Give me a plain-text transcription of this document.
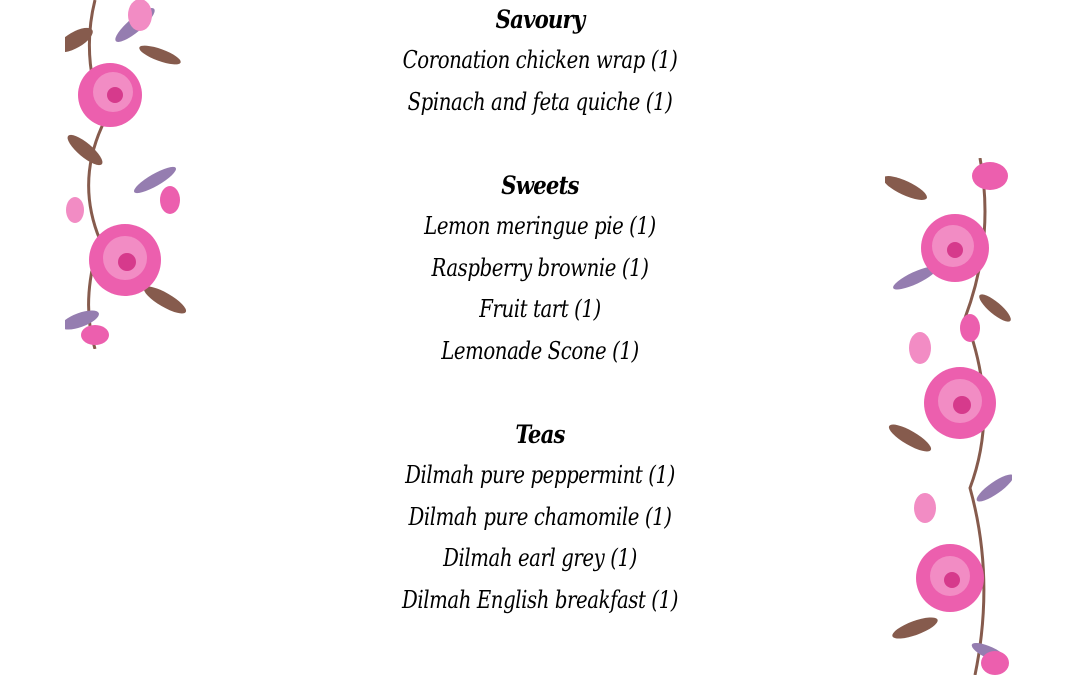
Savoury
Coronation chicken wrap (1)
Spinach and feta quiche (1)
Sweets
Lemon meringue pie (1)
Raspberry brownie (1)
Fruit tart (1)
Lemonade Scone (1)
Teas
Dilmah pure peppermint (1)
Dilmah pure chamomile (1)
Dilmah earl grey (1)
Dilmah English breakfast (1)
